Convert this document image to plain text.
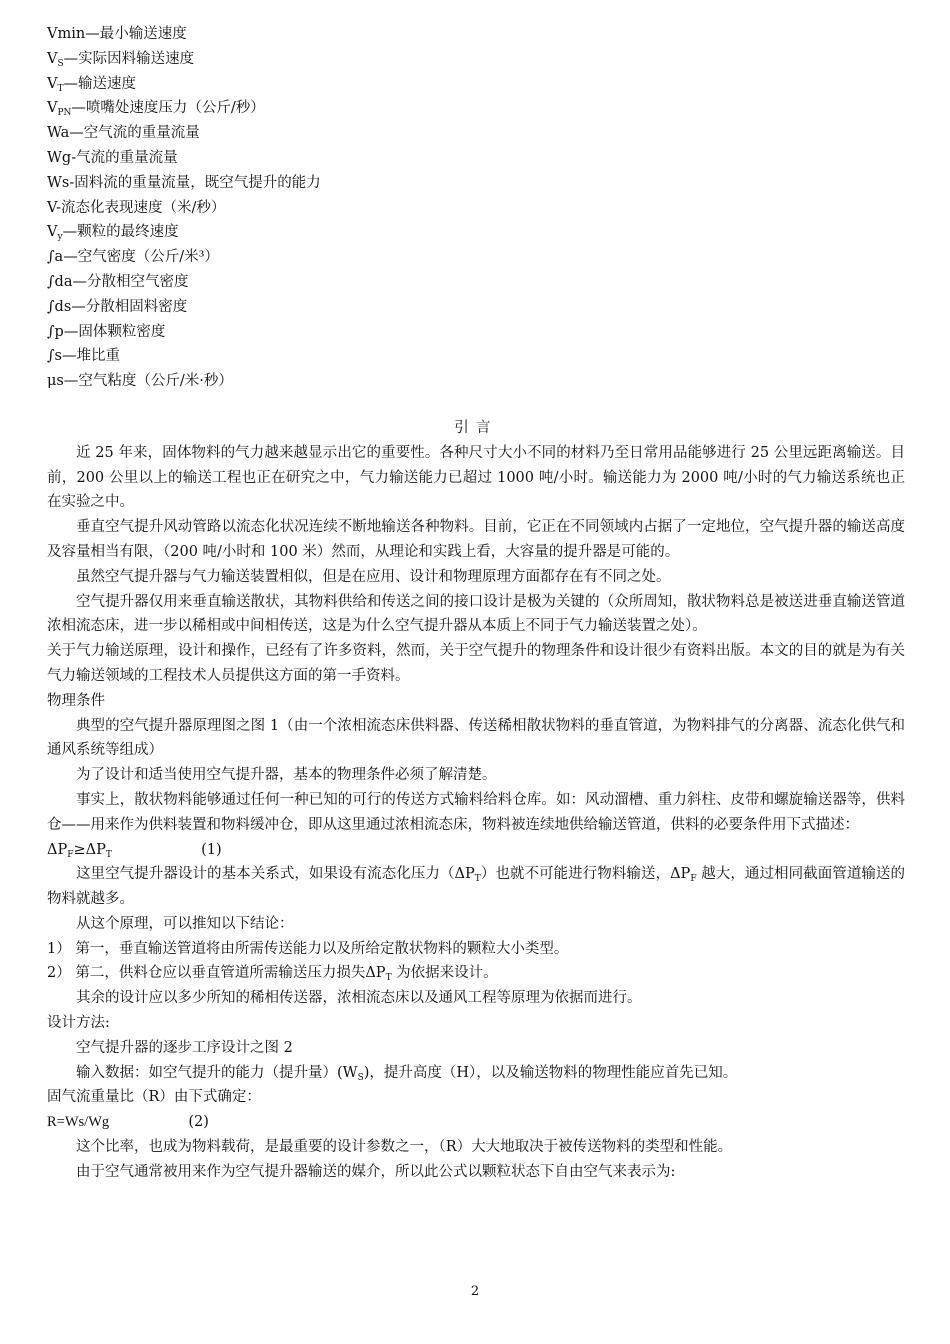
Vmin—最小输送速度
$V_S—$实际因料输送速度
$V_T—$输送速度
$V_{PN}—$喷嘴处速度压力（公斤/秒）
Wa—空气流的重量流量
Wg-气流的重量流量
Ws-固料流的重量流量，既空气提升的能力
V-流态化表现速度（米/秒）
$V_y—$颗粒的最终速度
∫a—空气密度（公斤/米³）
∫da—分散相空气密度
∫ds—分散相固料密度
∫p—固体颗粒密度
∫s—堆比重
μs—空气粘度（公斤/米·秒）
引言
近 25 年来，固体物料的气力越来越显示出它的重要性。各种尺寸大小不同的材料乃至日常用品能够进行 25 公里远距离输送。目前，200 公里以上的输送工程也正在研究之中，气力输送能力已超过 1000 吨/小时。输送能力为 2000 吨/小时的气力输送系统也正在实验之中。
垂直空气提升风动管路以流态化状况连续不断地输送各种物料。目前，它正在不同领域内占据了一定地位，空气提升器的输送高度及容量相当有限，（200 吨/小时和 100 米）然而，从理论和实践上看，大容量的提升器是可能的。
虽然空气提升器与气力输送装置相似，但是在应用、设计和物理原理方面都存在有不同之处。
空气提升器仅用来垂直输送散状，其物料供给和传送之间的接口设计是极为关键的（众所周知，散状物料总是被送进垂直输送管道浓相流态床，进一步以稀相或中间相传送，这是为什么空气提升器从本质上不同于气力输送装置之处）。
关于气力输送原理，设计和操作，已经有了许多资料，然而，关于空气提升的物理条件和设计很少有资料出版。本文的目的就是为有关气力输送领域的工程技术人员提供这方面的第一手资料。
物理条件
典型的空气提升器原理图之图 1（由一个浓相流态床供料器、传送稀相散状物料的垂直管道，为物料排气的分离器、流态化供气和通风系统等组成）
为了设计和适当使用空气提升器，基本的物理条件必须了解清楚。
事实上，散状物料能够通过任何一种已知的可行的传送方式输料给料仓库。如：风动溜槽、重力斜柱、皮带和螺旋输送器等，供料仓——用来作为供料装置和物料缓冲仓，即从这里通过浓相流态床，物料被连续地供给输送管道，供料的必要条件用下式描述：
$\Delta P_F\ge\Delta P_T$	(1)
这里空气提升器设计的基本关系式，如果设有流态化压力$(\Delta P_T)$也就不可能进行物料输送，$\Delta P_F$ 越大，通过相同截面管道输送的物料就越多。
从这个原理，可以推知以下结论：
1） 第一，垂直输送管道将由所需传送能力以及所给定散状物料的颗粒大小类型。
2） 第二，供料仓应以垂直管道所需输送压力损失$\Delta P_T$ 为依据来设计。
其余的设计应以多少所知的稀相传送器，浓相流态床以及通风工程等原理为依据而进行。
设计方法:
空气提升器的逐步工序设计之图 2
输入数据：如空气提升的能力（提升量）$(W_S)$，提升高度（H），以及输送物料的物理性能应首先已知。
固气流重量比（R）由下式确定：
R=Ws/Wg	(2)
这个比率，也成为物料载荷，是最重要的设计参数之一，（R）大大地取决于被传送物料的类型和性能。
由于空气通常被用来作为空气提升器输送的媒介，所以此公式以颗粒状态下自由空气来表示为:
2
